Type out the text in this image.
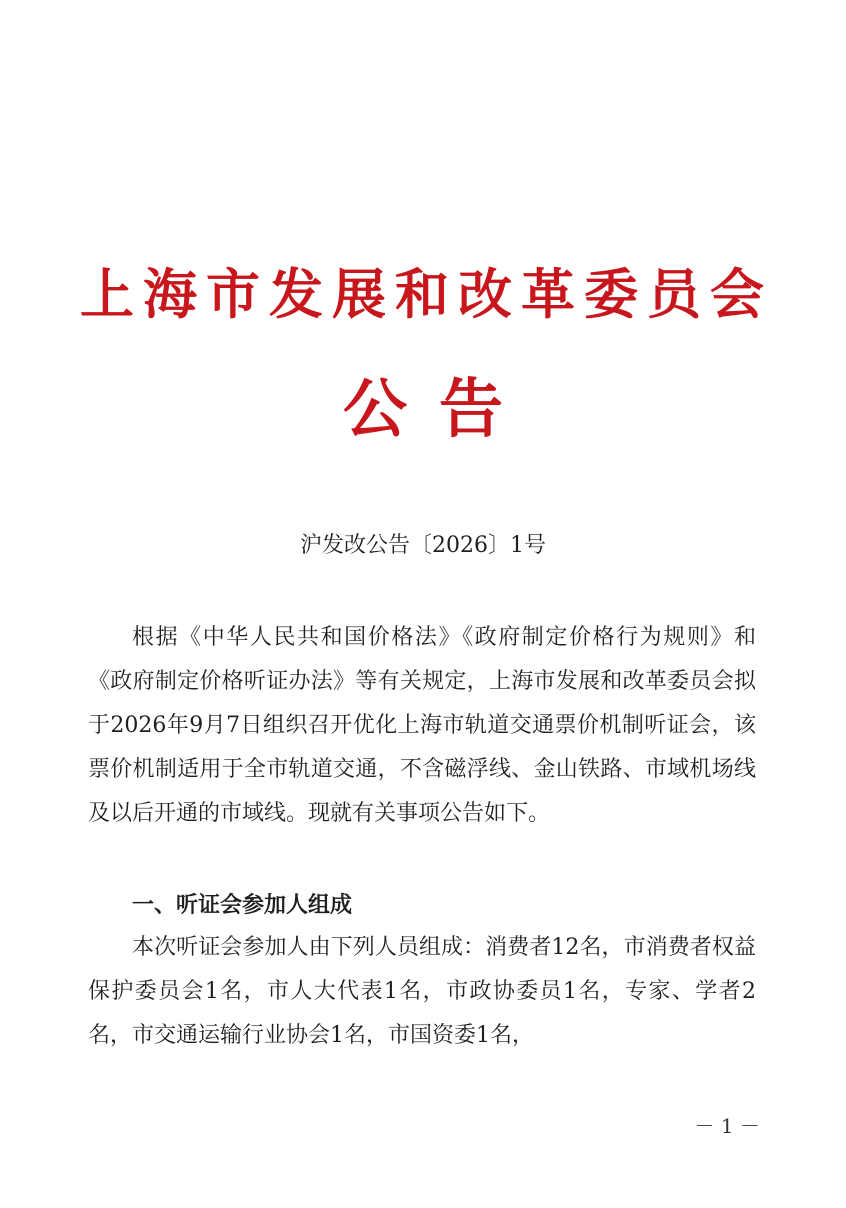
上海市发展和改革委员会
公告
沪发改公告〔2026〕1号
根据《中华人民共和国价格法》《政府制定价格行为规则》和《政府制定价格听证办法》等有关规定，上海市发展和改革委员会拟于2026年9月7日组织召开优化上海市轨道交通票价机制听证会，该票价机制适用于全市轨道交通，不含磁浮线、金山铁路、市域机场线及以后开通的市域线。现就有关事项公告如下。
一、听证会参加人组成
本次听证会参加人由下列人员组成：消费者12名，市消费者权益保护委员会1名，市人大代表1名，市政协委员1名，专家、学者2名，市交通运输行业协会1名，市国资委1名，
－ 1 －
